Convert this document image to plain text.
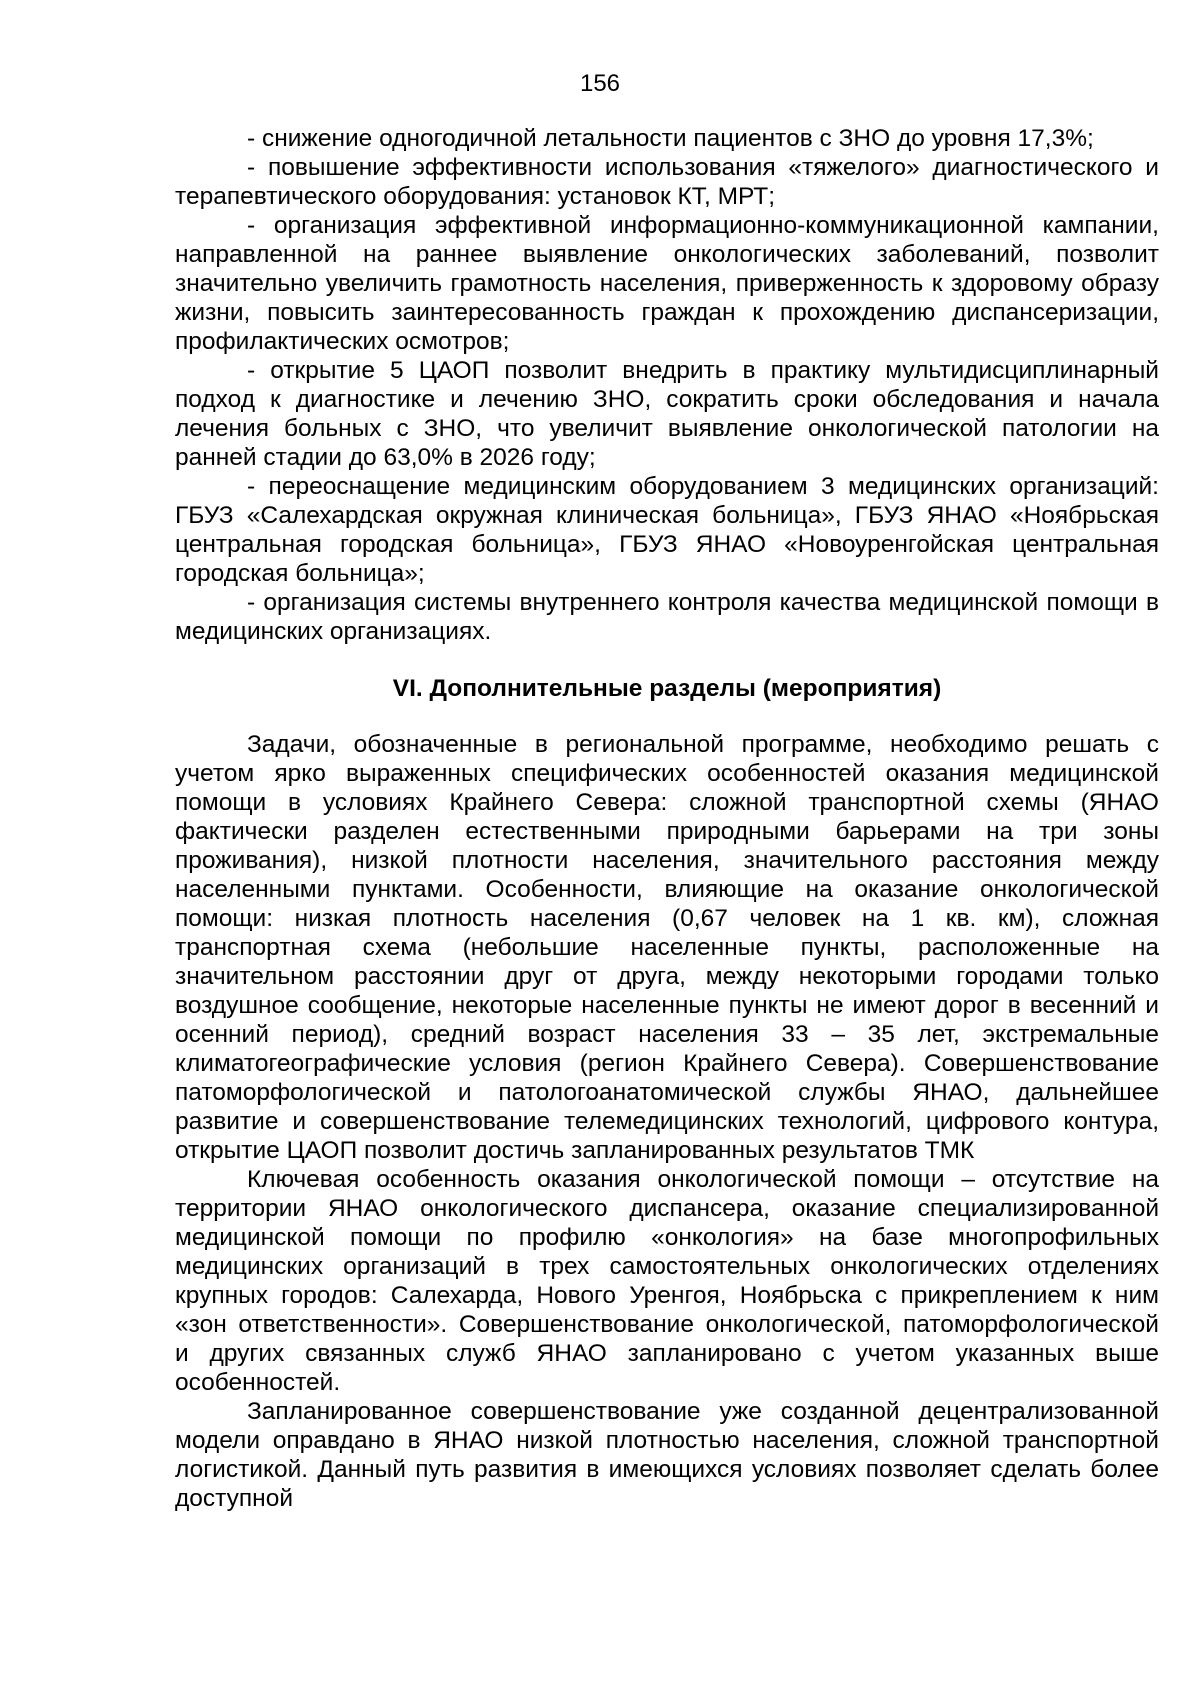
156

- снижение одногодичной летальности пациентов с ЗНО до уровня 17,3%;

- повышение эффективности использования «тяжелого» диагностического и терапевтического оборудования: установок КТ, МРТ;

- организация эффективной информационно-коммуникационной кампании, направленной на раннее выявление онкологических заболеваний, позволит значительно увеличить грамотность населения, приверженность к здоровому образу жизни, повысить заинтересованность граждан к прохождению диспансеризации, профилактических осмотров;

- открытие 5 ЦАОП позволит внедрить в практику мультидисциплинарный подход к диагностике и лечению ЗНО, сократить сроки обследования и начала лечения больных с ЗНО, что увеличит выявление онкологической патологии на ранней стадии до 63,0% в 2026 году;

- переоснащение медицинским оборудованием 3 медицинских организаций: ГБУЗ «Салехардская окружная клиническая больница», ГБУЗ ЯНАО «Ноябрьская центральная городская больница», ГБУЗ ЯНАО «Новоуренгойская центральная городская больница»;

- организация системы внутреннего контроля качества медицинской помощи в медицинских организациях.

VI. Дополнительные разделы (мероприятия)

Задачи, обозначенные в региональной программе, необходимо решать с учетом ярко выраженных специфических особенностей оказания медицинской помощи в условиях Крайнего Севера: сложной транспортной схемы (ЯНАО фактически разделен естественными природными барьерами на три зоны проживания), низкой плотности населения, значительного расстояния между населенными пунктами. Особенности, влияющие на оказание онкологической помощи: низкая плотность населения (0,67 человек на 1 кв. км), сложная транспортная схема (небольшие населенные пункты, расположенные на значительном расстоянии друг от друга, между некоторыми городами только воздушное сообщение, некоторые населенные пункты не имеют дорог в весенний и осенний период), средний возраст населения 33 – 35 лет, экстремальные климатогеографические условия (регион Крайнего Севера). Совершенствование патоморфологической и патологоанатомической службы ЯНАО, дальнейшее развитие и совершенствование телемедицинских технологий, цифрового контура, открытие ЦАОП позволит достичь запланированных результатов ТМК

Ключевая особенность оказания онкологической помощи – отсутствие на территории ЯНАО онкологического диспансера, оказание специализированной медицинской помощи по профилю «онкология» на базе многопрофильных медицинских организаций в трех самостоятельных онкологических отделениях крупных городов: Салехарда, Нового Уренгоя, Ноябрьска с прикреплением к ним «зон ответственности». Совершенствование онкологической, патоморфологической и других связанных служб ЯНАО запланировано с учетом указанных выше особенностей.

Запланированное совершенствование уже созданной децентрализованной модели оправдано в ЯНАО низкой плотностью населения, сложной транспортной логистикой. Данный путь развития в имеющихся условиях позволяет сделать более доступной
